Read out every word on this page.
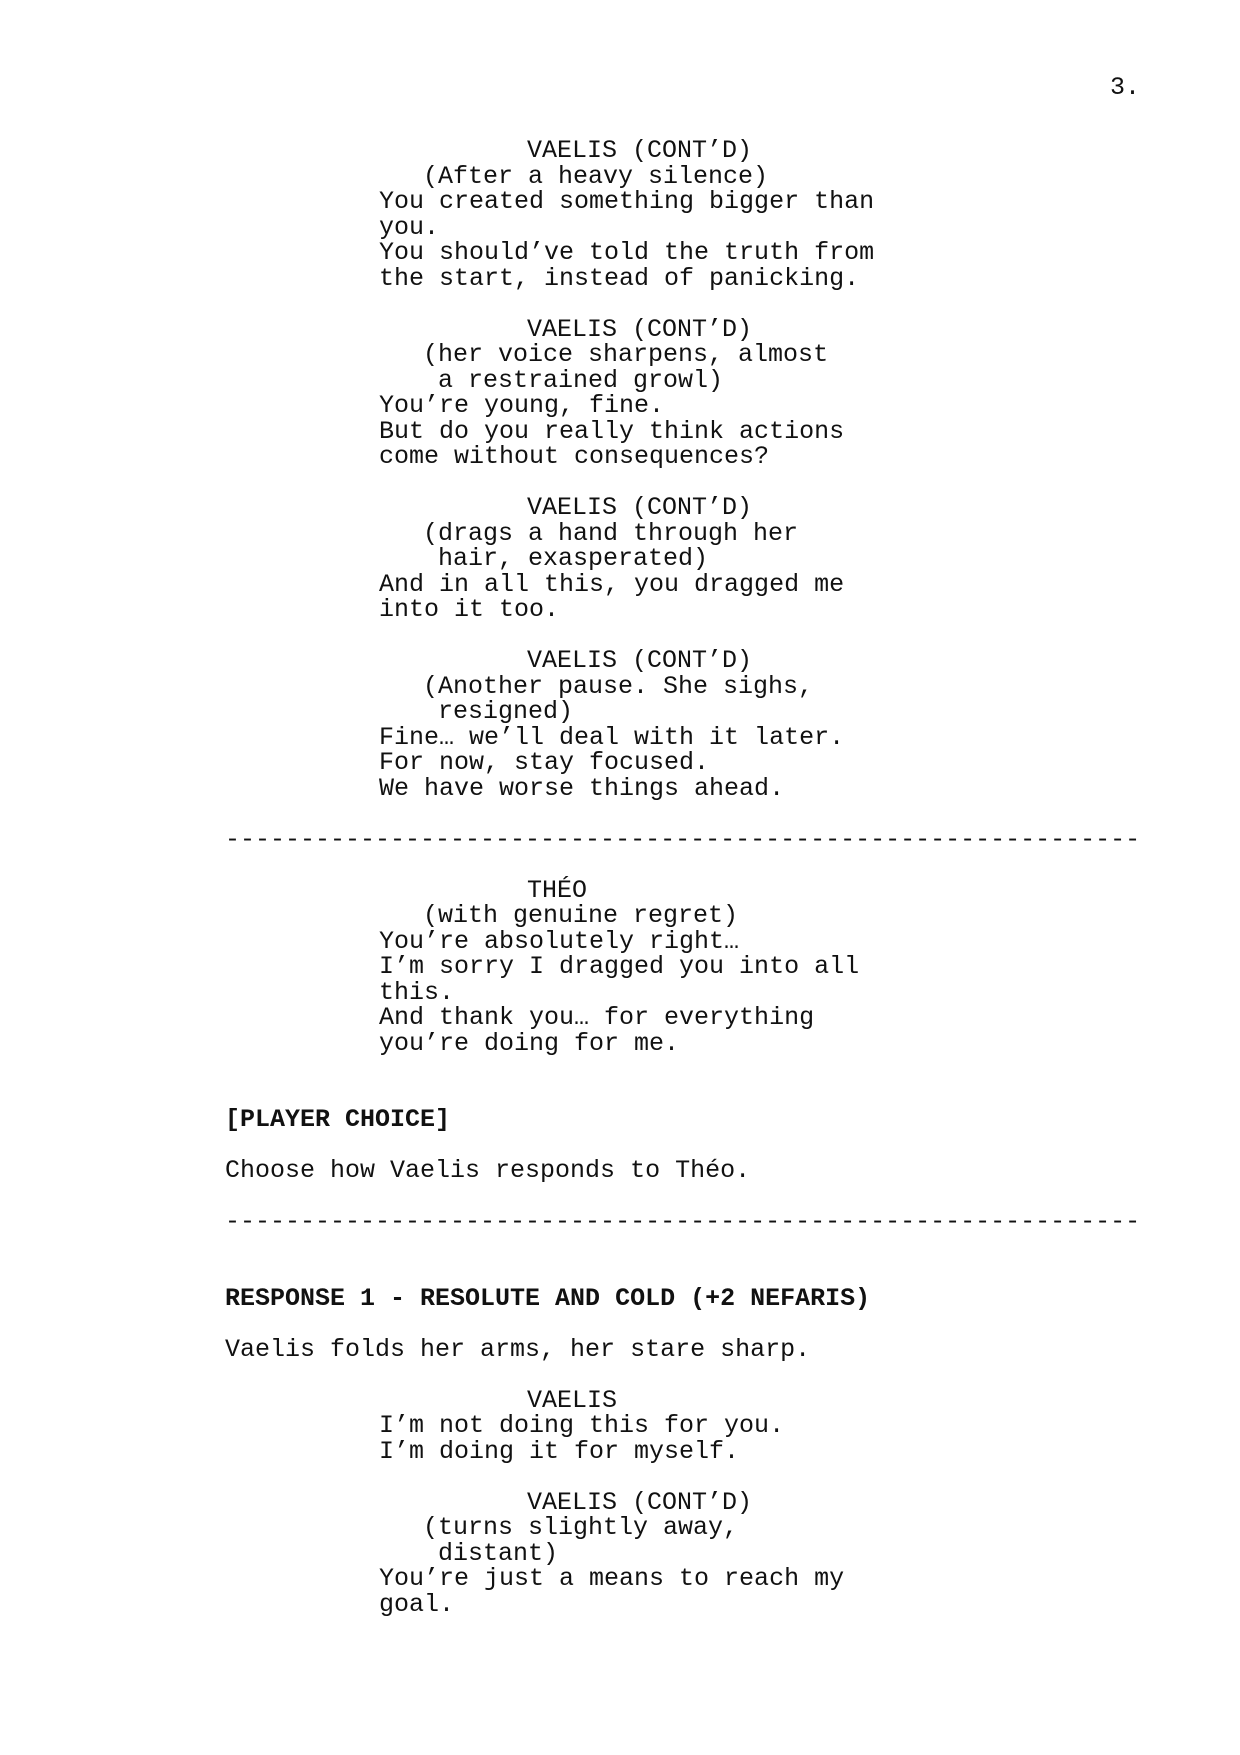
3.
VAELIS (CONT’D)
(After a heavy silence)
You created something bigger than
you.
You should’ve told the truth from
the start, instead of panicking.
VAELIS (CONT’D)
(her voice sharpens, almost
a restrained growl)
You’re young, fine.
But do you really think actions
come without consequences?
VAELIS (CONT’D)
(drags a hand through her
hair, exasperated)
And in all this, you dragged me
into it too.
VAELIS (CONT’D)
(Another pause. She sighs,
resigned)
Fine… we’ll deal with it later.
For now, stay focused.
We have worse things ahead.
-------------------------------------------------------------
THÉO
(with genuine regret)
You’re absolutely right…
I’m sorry I dragged you into all
this.
And thank you… for everything
you’re doing for me.
[PLAYER CHOICE]
Choose how Vaelis responds to Théo.
-------------------------------------------------------------
RESPONSE 1 - RESOLUTE AND COLD (+2 NEFARIS)
Vaelis folds her arms, her stare sharp.
VAELIS
I’m not doing this for you.
I’m doing it for myself.
VAELIS (CONT’D)
(turns slightly away,
distant)
You’re just a means to reach my
goal.
